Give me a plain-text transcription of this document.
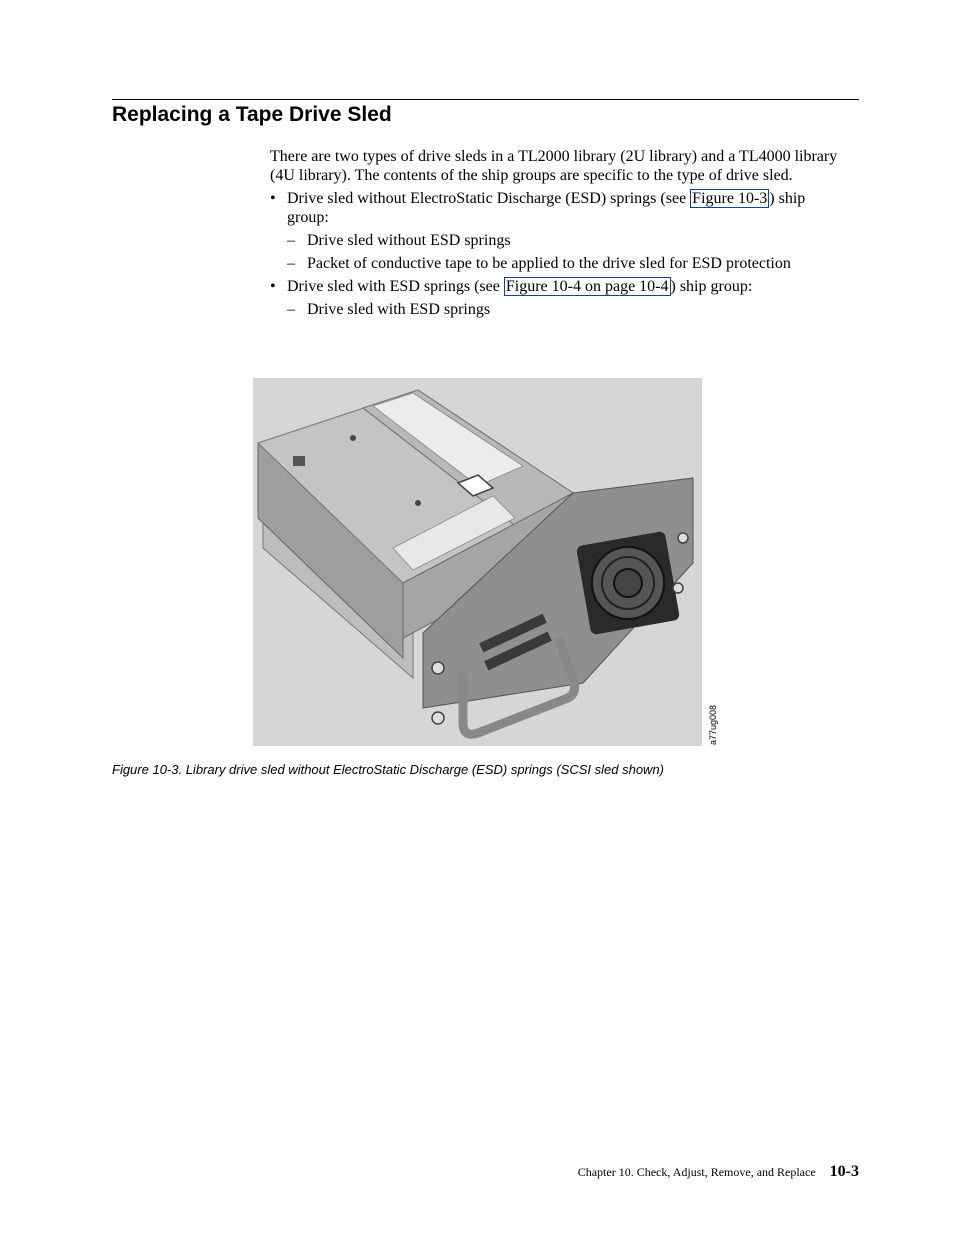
Replacing a Tape Drive Sled

There are two types of drive sleds in a TL2000 library (2U library) and a TL4000 library (4U library). The contents of the ship groups are specific to the type of drive sled.

• Drive sled without ElectroStatic Discharge (ESD) springs (see Figure 10-3 ) ship group:
– Drive sled without ESD springs
– Packet of conductive tape to be applied to the drive sled for ESD protection
• Drive sled with ESD springs (see Figure 10-4 on page 10-4 ) ship group:
– Drive sled with ESD springs
a77ug008
Figure 10-3. Library drive sled without ElectroStatic Discharge (ESD) springs (SCSI sled shown)
Chapter 10. Check, Adjust, Remove, and Replace 10-3
